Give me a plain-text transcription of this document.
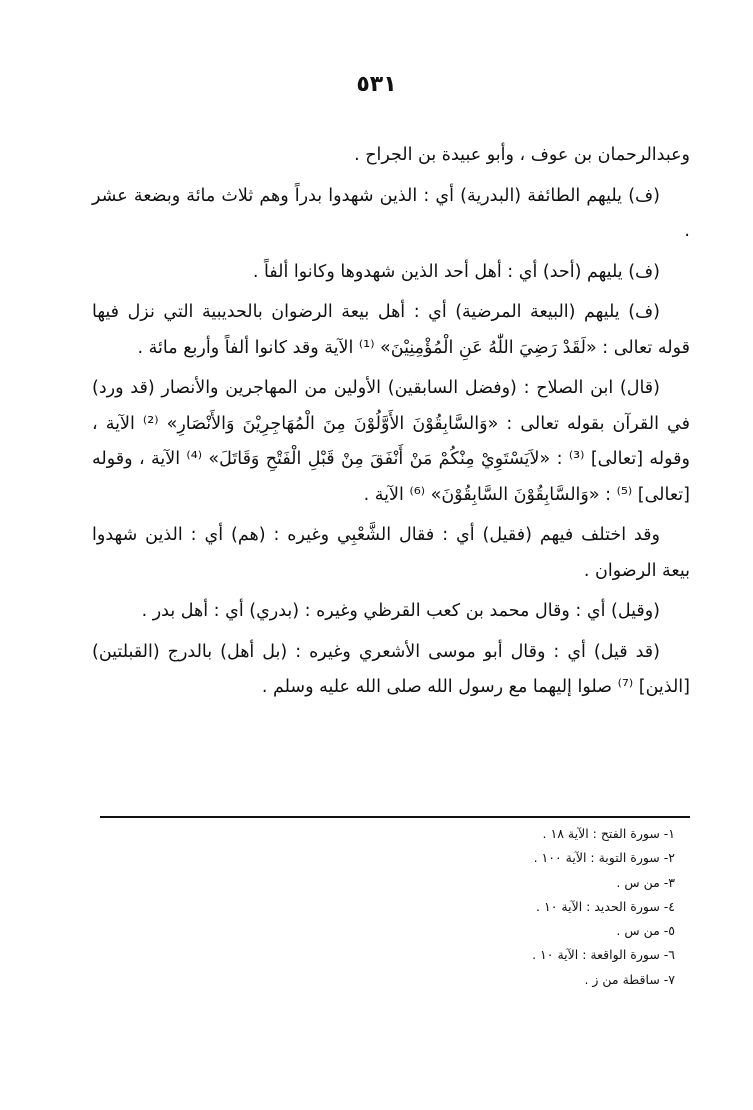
٥٣١

وعبدالرحمان بن عوف ، وأبو عبيدة بن الجراح .

(ف) يليهم الطائفة (البدرية) أي : الذين شهدوا بدراً وهم ثلاث مائة وبضعة عشر .

(ف) يليهم (أحد) أي : أهل أحد الذين شهدوها وكانوا ألفاً .

(ف) يليهم (البيعة المرضية) أي : أهل بيعة الرضوان بالحديبية التي نزل فيها قوله تعالى : «لَقَدْ رَضِيَ اللّٰهُ عَنِ الْمُؤْمِنِيْنَ» ⁽¹⁾ الآية وقد كانوا ألفاً وأربع مائة .

(قال) ابن الصلاح : (وفضل السابقين) الأولين من المهاجرين والأنصار (قد ورد) في القرآن بقوله تعالى : «وَالسَّابِقُوْنَ الأَوَّلُوْنَ مِنَ الْمُهَاجِرِيْنَ وَالأَنْصَارِ» ⁽²⁾ الآية ، وقوله [تعالى] ⁽³⁾ : «لاَيَسْتَوِيْ مِنْكُمْ مَنْ أَنْفَقَ مِنْ قَبْلِ الْفَتْحِ وَقَاتَلَ» ⁽⁴⁾ الآية ، وقوله [تعالى] ⁽⁵⁾ : «وَالسَّابِقُوْنَ السَّابِقُوْنَ» ⁽⁶⁾ الآية .

وقد اختلف فيهم (فقيل) أي : فقال الشَّعْبِي وغيره : (هم) أي : الذين شهدوا بيعة الرضوان .

(وقيل) أي : وقال محمد بن كعب القرظي وغيره : (بدري) أي : أهل بدر .

(قد قيل) أي : وقال أبو موسى الأشعري وغيره : (بل أهل) بالدرج (القبلتين) [الذين] ⁽⁷⁾ صلوا إليهما مع رسول الله صلى الله عليه وسلم .

١- سورة الفتح : الآية ١٨ .

٢- سورة التوبة : الآية ١٠٠ .

٣- من س .

٤- سورة الحديد : الآية ١٠ .

٥- من س .

٦- سورة الواقعة : الآية ١٠ .

٧- ساقطة من ز .
